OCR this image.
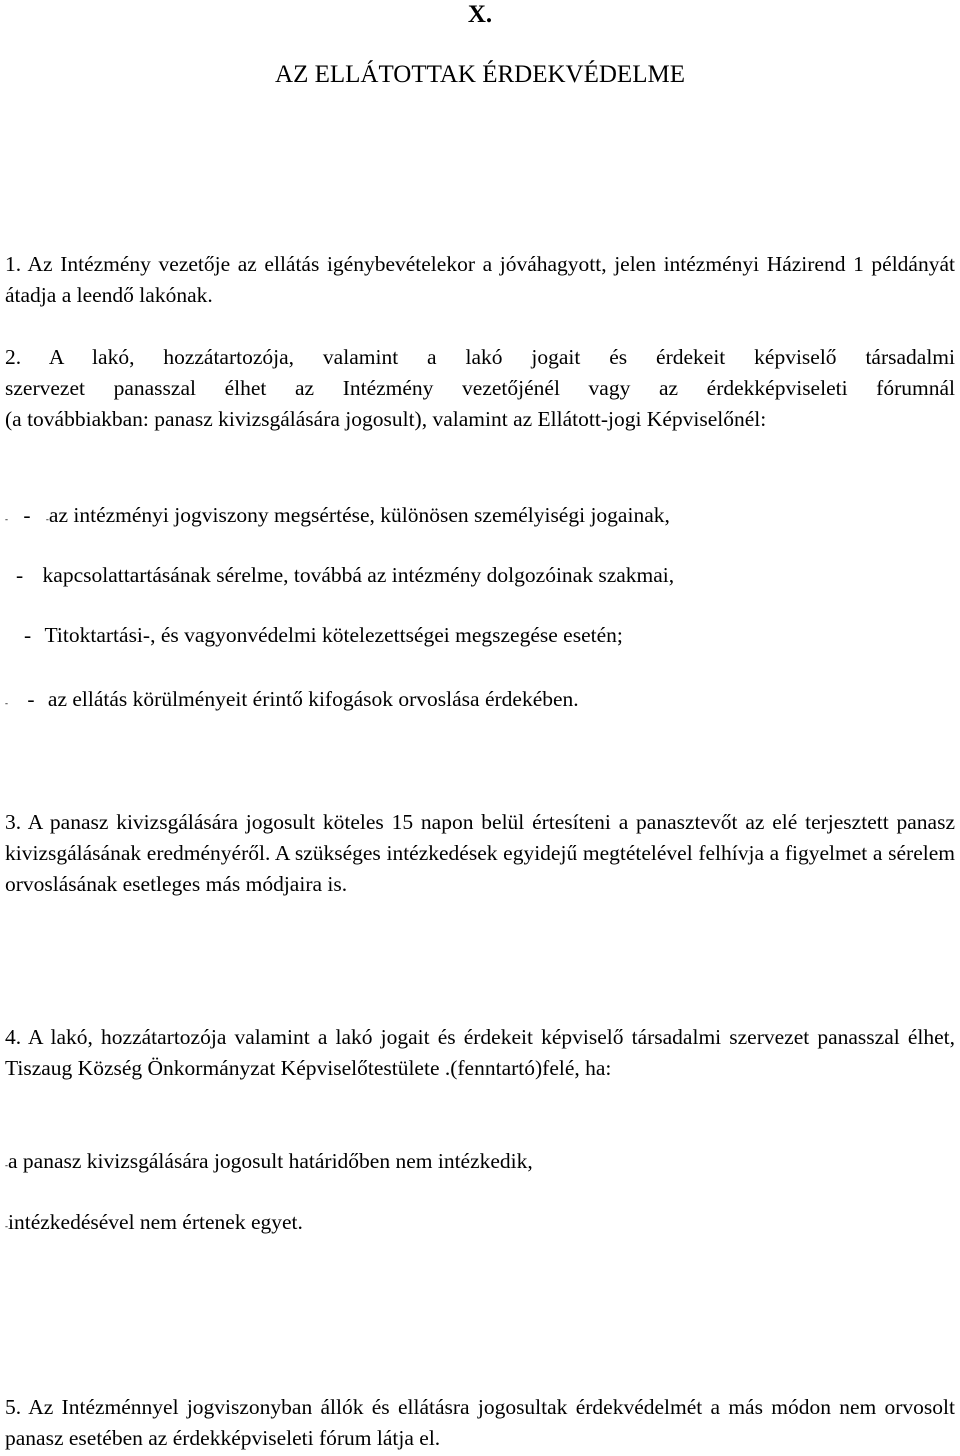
X.
AZ ELLÁTOTTAK ÉRDEKVÉDELME
1. Az Intézmény vezetője az ellátás igénybevételekor a jóváhagyott, jelen intézményi Házirend 1 példányát átadja a leendő lakónak.
2. A lakó, hozzátartozója, valamint a lakó jogait és érdekeit képviselő társadalmi
szervezet panasszal élhet az Intézmény vezetőjénél vagy az érdekképviseleti fórumnál
(a továbbiakban: panasz kivizsgálására jogosult), valamint az Ellátott-jogi Képviselőnél:
- - -az intézményi jogviszony megsértése, különösen személyiségi jogainak,
- kapcsolattartásának sérelme, továbbá az intézmény dolgozóinak szakmai,
- Titoktartási-, és vagyonvédelmi kötelezettségei megszegése esetén;
- - az ellátás körülményeit érintő kifogások orvoslása érdekében.
3. A panasz kivizsgálására jogosult köteles 15 napon belül értesíteni a panasztevőt az elé terjesztett panasz kivizsgálásának eredményéről. A szükséges intézkedések egyidejű megtételével felhívja a figyelmet a sérelem orvoslásának esetleges más módjaira is.
4. A lakó, hozzátartozója valamint a lakó jogait és érdekeit képviselő társadalmi szervezet panasszal élhet, Tiszaug Község Önkormányzat Képviselőtestülete .(fenntartó)felé, ha:
-a panasz kivizsgálására jogosult határidőben nem intézkedik,
-intézkedésével nem értenek egyet.
5. Az Intézménnyel jogviszonyban állók és ellátásra jogosultak érdekvédelmét a más módon nem orvosolt panasz esetében az érdekképviseleti fórum látja el.
